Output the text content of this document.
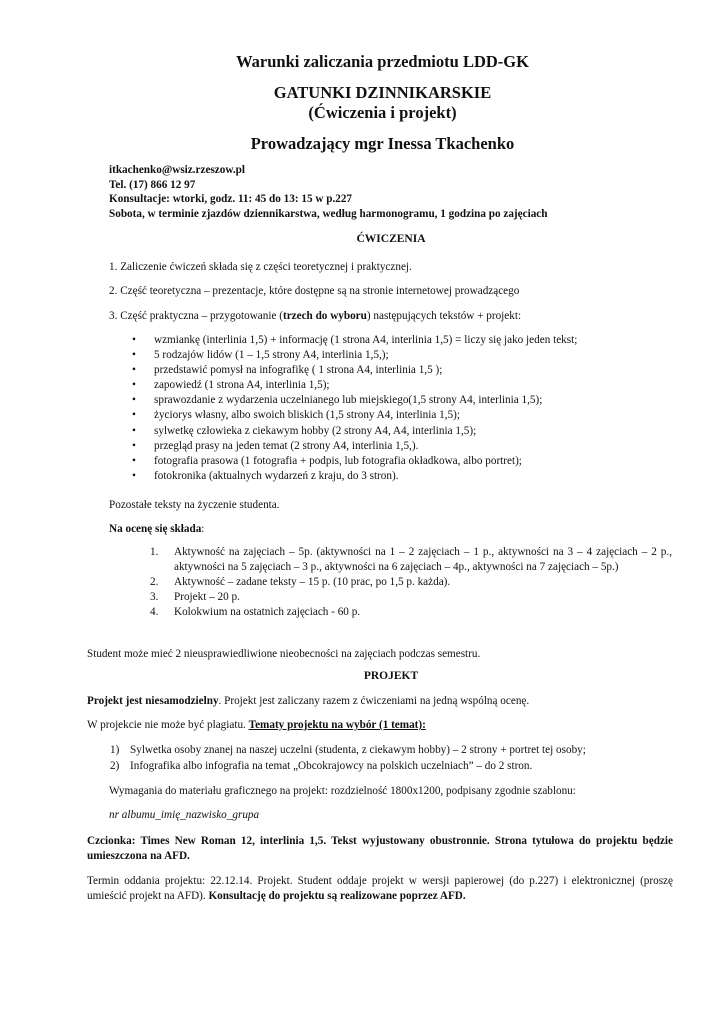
Warunki zaliczania przedmiotu LDD-GK
GATUNKI DZINNIKARSKIE
(Ćwiczenia i projekt)
Prowadzający mgr Inessa Tkachenko
itkachenko@wsiz.rzeszow.pl
Tel. (17) 866 12 97
Konsultacje: wtorki, godz. 11: 45 do 13: 15 w p.227
Sobota, w terminie zjazdów dziennikarstwa, według harmonogramu, 1 godzina po zajęciach
ĆWICZENIA
1. Zaliczenie ćwiczeń składa się z części teoretycznej i praktycznej.
2. Część teoretyczna – prezentacje, które dostępne są na stronie internetowej prowadzącego
3. Część praktyczna – przygotowanie (trzech do wyboru) następujących tekstów + projekt:
• wzmiankę (interlinia 1,5) + informację (1 strona A4, interlinia 1,5) = liczy się jako jeden tekst;
• 5 rodzajów lidów (1 – 1,5 strony A4, interlinia 1,5,);
• przedstawić pomysł na infografikę ( 1 strona A4, interlinia 1,5 );
• zapowiedź (1 strona A4, interlinia 1,5);
• sprawozdanie z wydarzenia uczelnianego lub miejskiego(1,5 strony A4, interlinia 1,5);
• życiorys własny, albo swoich bliskich (1,5 strony A4, interlinia 1,5);
• sylwetkę człowieka z ciekawym hobby (2 strony A4, A4, interlinia 1,5);
• przegląd prasy na jeden temat (2 strony A4, interlinia 1,5,).
• fotografia prasowa (1 fotografia + podpis, lub fotografia okładkowa, albo portret);
• fotokronika (aktualnych wydarzeń z kraju, do 3 stron).
Pozostałe teksty na życzenie studenta.
Na ocenę się składa:
1. Aktywność na zajęciach – 5p. (aktywności na 1 – 2 zajęciach – 1 p., aktywności na 3 – 4 zajęciach – 2 p., aktywności na 5 zajęciach – 3 p., aktywności na 6 zajęciach – 4p., aktywności na 7 zajęciach – 5p.)
2. Aktywność – zadane teksty – 15 p. (10 prac, po 1,5 p. każda).
3. Projekt – 20 p.
4. Kolokwium na ostatnich zajęciach - 60 p.
Student może mieć 2 nieusprawiedliwione nieobecności na zajęciach podczas semestru.
PROJEKT
Projekt jest niesamodzielny. Projekt jest zaliczany razem z ćwiczeniami na jedną wspólną ocenę.
W projekcie nie może być plagiatu. Tematy projektu na wybór (1 temat):
1) Sylwetka osoby znanej na naszej uczelni (studenta, z ciekawym hobby) – 2 strony + portret tej osoby;
2) Infografika albo infografia na temat „Obcokrajowcy na polskich uczelniach” – do 2 stron.
Wymagania do materiału graficznego na projekt: rozdzielność 1800x1200, podpisany zgodnie szablonu:
nr albumu_imię_nazwisko_grupa
Czcionka: Times New Roman 12, interlinia 1,5. Tekst wyjustowany obustronnie. Strona tytułowa do projektu będzie umieszczona na AFD.
Termin oddania projektu: 22.12.14. Projekt. Student oddaje projekt w wersji papierowej (do p.227) i elektronicznej (proszę umieścić projekt na AFD). Konsultację do projektu są realizowane poprzez AFD.
